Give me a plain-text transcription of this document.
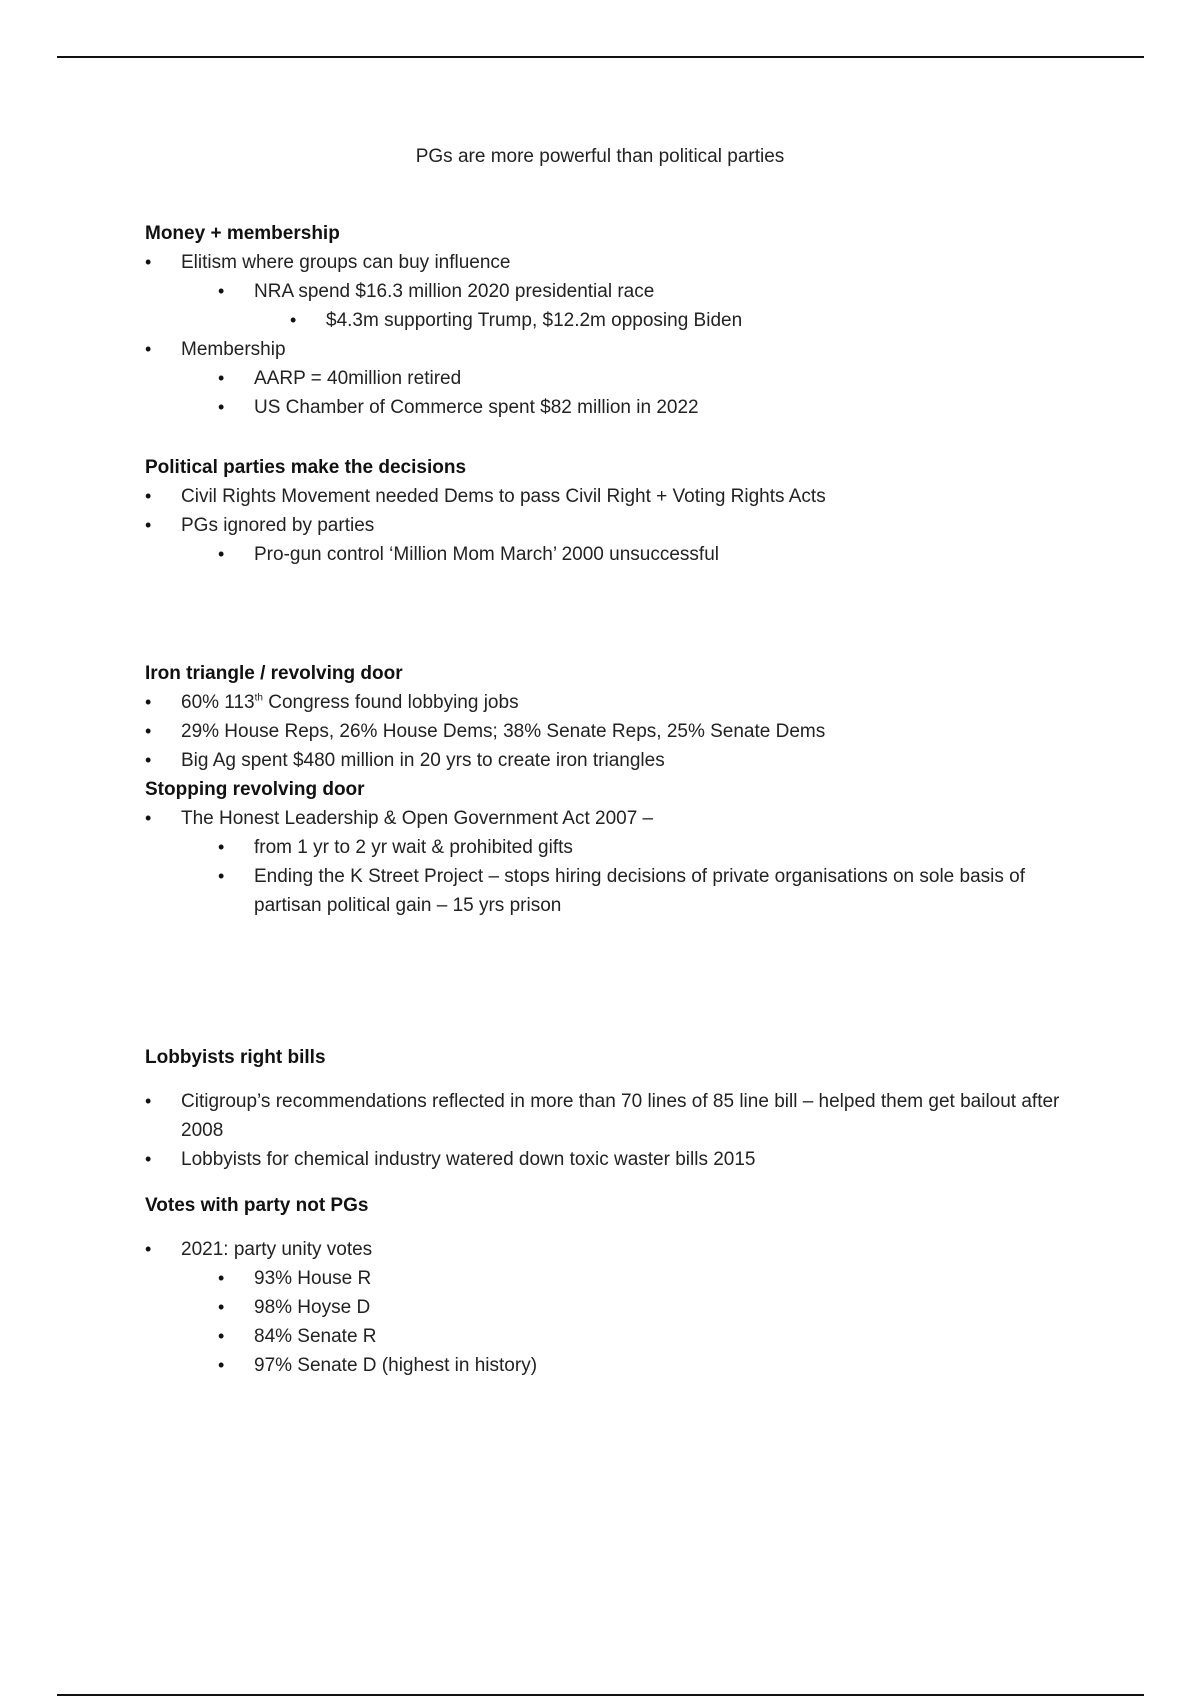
PGs are more powerful than political parties

Money + membership

• Elitism where groups can buy influence
• NRA spend $16.3 million 2020 presidential race
• $4.3m supporting Trump, $12.2m opposing Biden
• Membership
• AARP = 40million retired
• US Chamber of Commerce spent $82 million in 2022

Political parties make the decisions

• Civil Rights Movement needed Dems to pass Civil Right + Voting Rights Acts
• PGs ignored by parties
• Pro-gun control ‘Million Mom March’ 2000 unsuccessful

Iron triangle / revolving door

• 60% 113th Congress found lobbying jobs
• 29% House Reps, 26% House Dems; 38% Senate Reps, 25% Senate Dems
• Big Ag spent $480 million in 20 yrs to create iron triangles

Stopping revolving door

• The Honest Leadership & Open Government Act 2007 –
• from 1 yr to 2 yr wait & prohibited gifts
• Ending the K Street Project – stops hiring decisions of private organisations on sole basis of partisan political gain – 15 yrs prison

Lobbyists right bills

• Citigroup’s recommendations reflected in more than 70 lines of 85 line bill – helped them get bailout after 2008
• Lobbyists for chemical industry watered down toxic waster bills 2015

Votes with party not PGs

• 2021: party unity votes
• 93% House R
• 98% Hoyse D
• 84% Senate R
• 97% Senate D (highest in history)
